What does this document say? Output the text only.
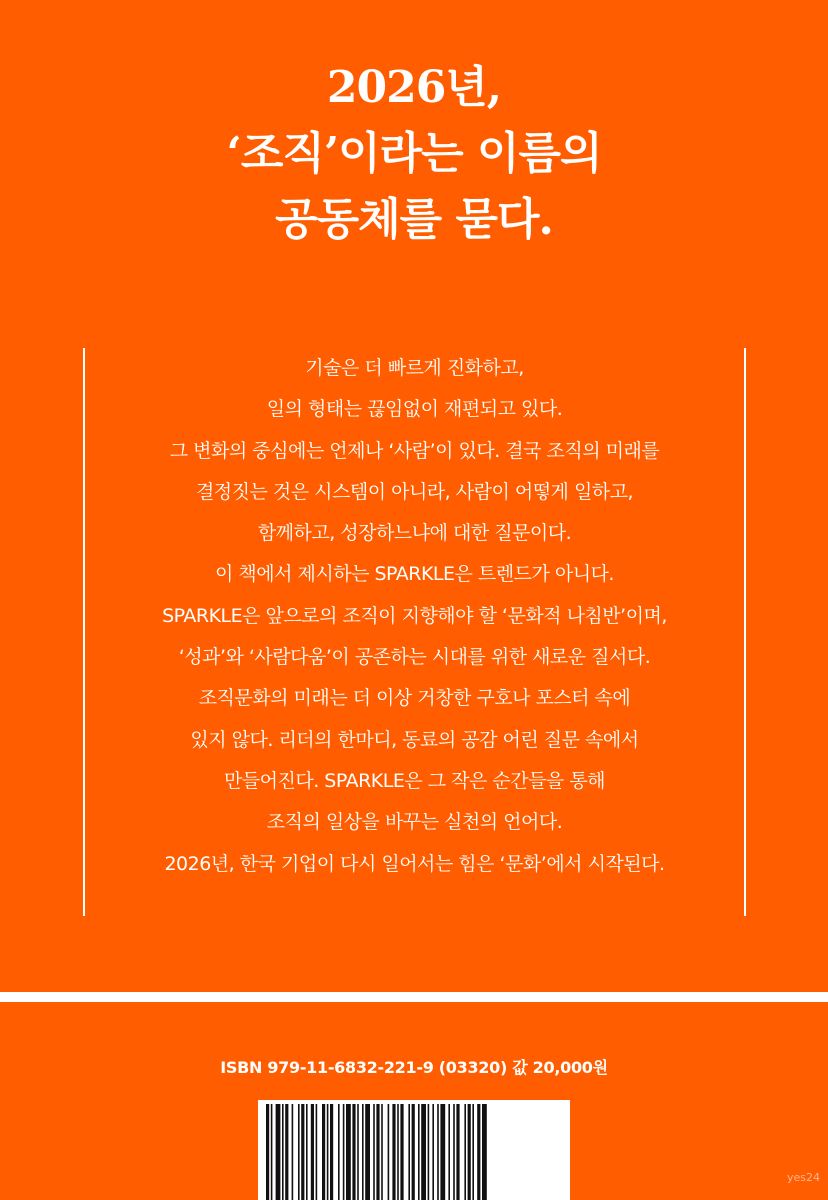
2026년,
‘조직’이라는 이름의
공동체를 묻다.
기술은 더 빠르게 진화하고,
일의 형태는 끊임없이 재편되고 있다.
그 변화의 중심에는 언제나 ‘사람’이 있다. 결국 조직의 미래를
결정짓는 것은 시스템이 아니라, 사람이 어떻게 일하고,
함께하고, 성장하느냐에 대한 질문이다.
이 책에서 제시하는 SPARKLE은 트렌드가 아니다.
SPARKLE은 앞으로의 조직이 지향해야 할 ‘문화적 나침반’이며,
‘성과’와 ‘사람다움’이 공존하는 시대를 위한 새로운 질서다.
조직문화의 미래는 더 이상 거창한 구호나 포스터 속에
있지 않다. 리더의 한마디, 동료의 공감 어린 질문 속에서
만들어진다. SPARKLE은 그 작은 순간들을 통해
조직의 일상을 바꾸는 실천의 언어다.
2026년, 한국 기업이 다시 일어서는 힘은 ‘문화’에서 시작된다.
ISBN 979-11-6832-221-9 (03320) 값 20,000원
yes24
